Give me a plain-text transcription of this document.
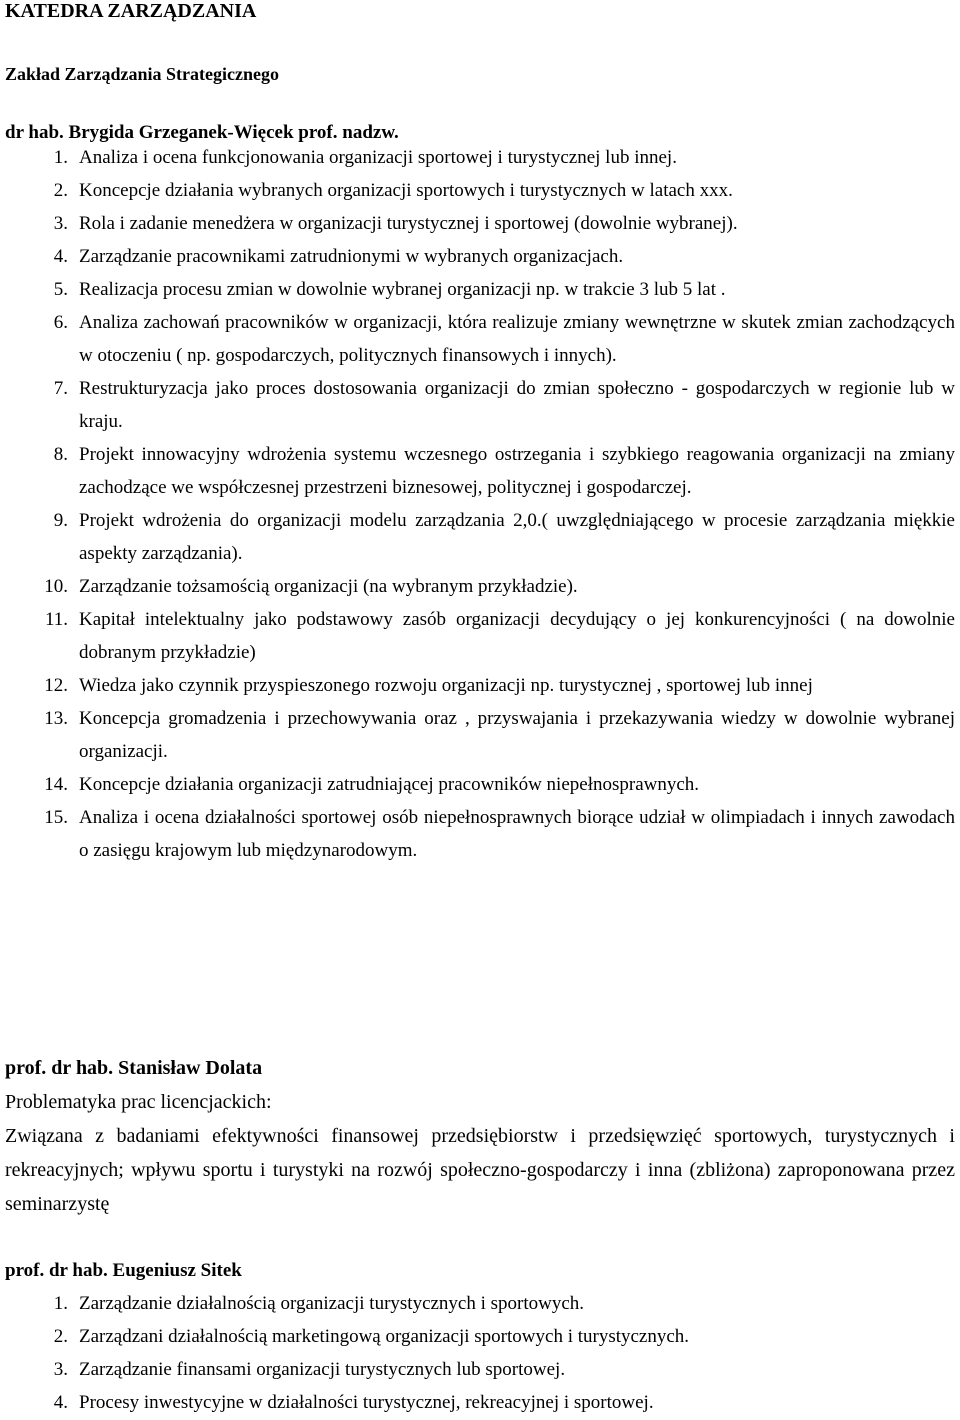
KATEDRA ZARZĄDZANIA
Zakład Zarządzania Strategicznego
dr hab. Brygida Grzeganek-Więcek prof. nadzw.
1. Analiza i ocena funkcjonowania organizacji sportowej i turystycznej lub innej.
2. Koncepcje działania wybranych organizacji sportowych i turystycznych w latach xxx.
3. Rola i zadanie menedżera w organizacji turystycznej i sportowej (dowolnie wybranej).
4. Zarządzanie pracownikami zatrudnionymi w wybranych organizacjach.
5. Realizacja procesu zmian w dowolnie wybranej organizacji np. w trakcie 3 lub 5 lat .
6. Analiza zachowań pracowników w organizacji, która realizuje zmiany wewnętrzne w skutek zmian zachodzących w otoczeniu ( np. gospodarczych, politycznych finansowych i innych).
7. Restrukturyzacja jako proces dostosowania organizacji do zmian społeczno - gospodarczych w regionie lub w kraju.
8. Projekt innowacyjny wdrożenia systemu wczesnego ostrzegania i szybkiego reagowania organizacji na zmiany zachodzące we współczesnej przestrzeni biznesowej, politycznej i gospodarczej.
9. Projekt wdrożenia do organizacji modelu zarządzania 2,0.( uwzględniającego w procesie zarządzania miękkie aspekty zarządzania).
10. Zarządzanie tożsamością organizacji (na wybranym przykładzie).
11. Kapitał intelektualny jako podstawowy zasób organizacji decydujący o jej konkurencyjności ( na dowolnie dobranym przykładzie)
12. Wiedza jako czynnik przyspieszonego rozwoju organizacji np. turystycznej , sportowej lub innej
13. Koncepcja gromadzenia i przechowywania oraz , przyswajania i przekazywania wiedzy w dowolnie wybranej organizacji.
14. Koncepcje działania organizacji zatrudniającej pracowników niepełnosprawnych.
15. Analiza i ocena działalności sportowej osób niepełnosprawnych biorące udział w olimpiadach i innych zawodach o zasięgu krajowym lub międzynarodowym.
prof. dr hab. Stanisław Dolata

Problematyka prac licencjackich:

Związana z badaniami efektywności finansowej przedsiębiorstw i przedsięwzięć sportowych, turystycznych i rekreacyjnych; wpływu sportu i turystyki na rozwój społeczno-gospodarczy i inna (zbliżona) zaproponowana przez seminarzystę

prof. dr hab. Eugeniusz Sitek
1. Zarządzanie działalnością organizacji turystycznych i sportowych.
2. Zarządzani działalnością marketingową organizacji sportowych i turystycznych.
3. Zarządzanie finansami organizacji turystycznych lub sportowej.
4. Procesy inwestycyjne w działalności turystycznej, rekreacyjnej i sportowej.
